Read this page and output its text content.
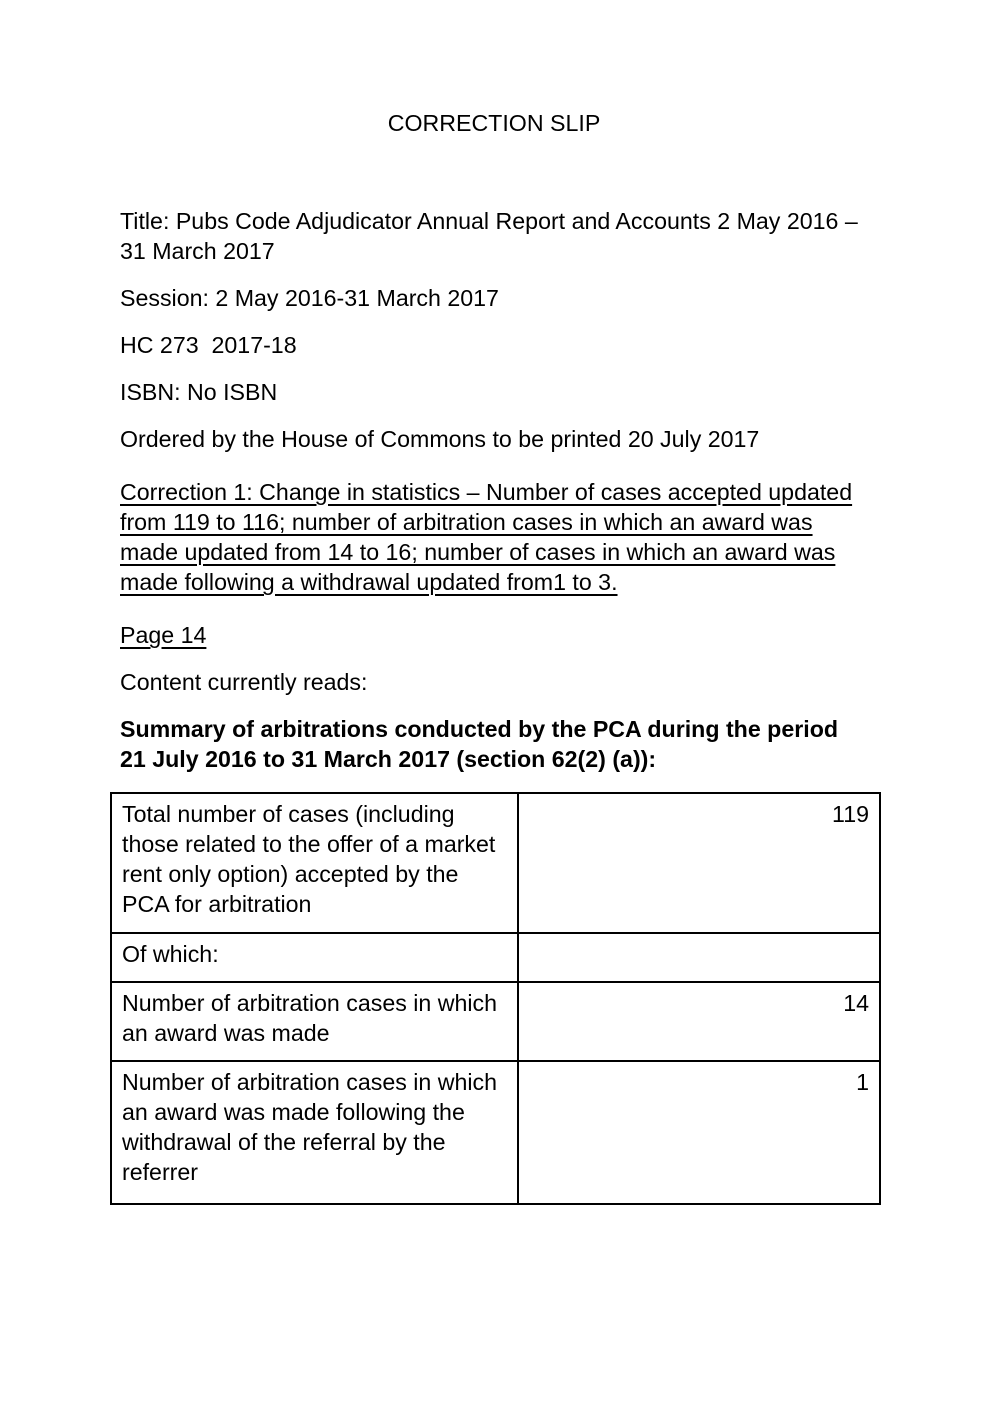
CORRECTION SLIP

Title: Pubs Code Adjudicator Annual Report and Accounts 2 May 2016 – 31 March 2017

Session: 2 May 2016-31 March 2017

HC 273  2017-18

ISBN: No ISBN

Ordered by the House of Commons to be printed 20 July 2017

Correction 1: Change in statistics – Number of cases accepted updated from 119 to 116; number of arbitration cases in which an award was made updated from 14 to 16; number of cases in which an award was made following a withdrawal updated from1 to 3.

Page 14

Content currently reads:

Summary of arbitrations conducted by the PCA during the period 21 July 2016 to 31 March 2017 (section 62(2) (a)):

Total number of cases (including those related to the offer of a market rent only option) accepted by the PCA for arbitration	119
Of which:	
Number of arbitration cases in which an award was made	14
Number of arbitration cases in which an award was made following the withdrawal of the referral by the referrer	1
